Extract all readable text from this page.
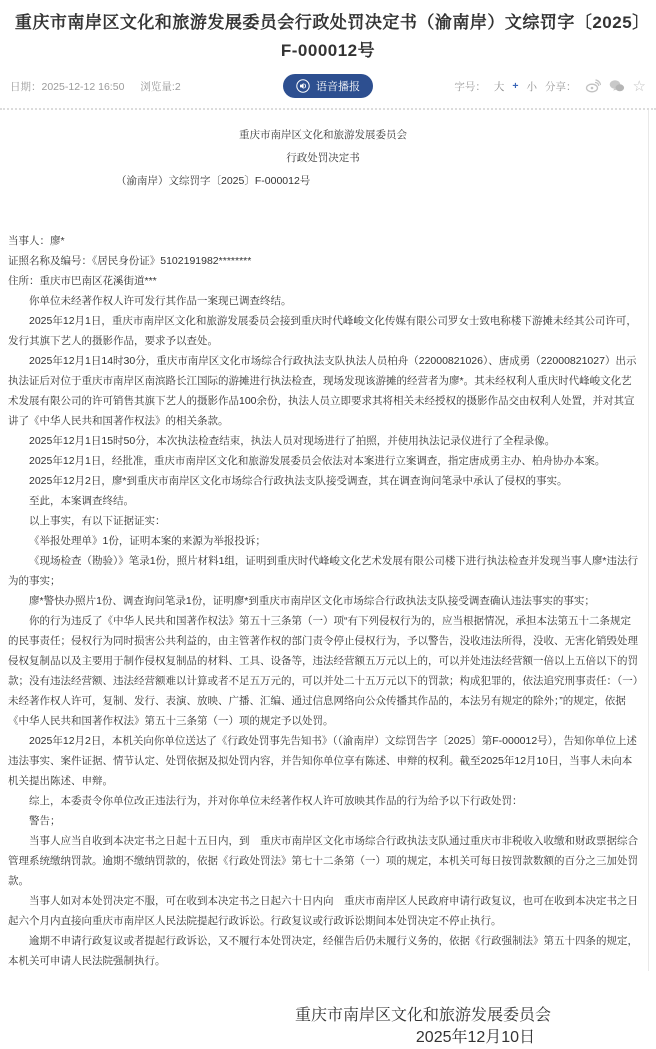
重庆市南岸区文化和旅游发展委员会行政处罚决定书（渝南岸）文综罚字〔2025〕F-000012号
日期：2025-12-12 16:50 浏览量:2	语音播报	字号： 大 + 小 分享：	☆

重庆市南岸区文化和旅游发展委员会

行政处罚决定书

（渝南岸）文综罚字〔2025〕F-000012号

当事人：廖*

证照名称及编号：《居民身份证》5102191982********

住所：重庆市巴南区花溪街道***

你单位未经著作权人许可发行其作品一案现已调查终结。

2025年12月1日，重庆市南岸区文化和旅游发展委员会接到重庆时代峰峻文化传媒有限公司罗女士致电称楼下游摊未经其公司许可，发行其旗下艺人的摄影作品，要求予以查处。

2025年12月1日14时30分，重庆市南岸区文化市场综合行政执法支队执法人员柏舟（22000821026）、唐成勇（22000821027）出示执法证后对位于重庆市南岸区南滨路长江国际的游摊进行执法检查，现场发现该游摊的经营者为廖*。其未经权利人重庆时代峰峻文化艺术发展有限公司的许可销售其旗下艺人的摄影作品100余份，执法人员立即要求其将相关未经授权的摄影作品交由权利人处置，并对其宣讲了《中华人民共和国著作权法》的相关条款。

2025年12月1日15时50分，本次执法检查结束，执法人员对现场进行了拍照，并使用执法记录仪进行了全程录像。

2025年12月1日，经批准，重庆市南岸区文化和旅游发展委员会依法对本案进行立案调查，指定唐成勇主办、柏舟协办本案。

2025年12月2日，廖*到重庆市南岸区文化市场综合行政执法支队接受调查，其在调查询问笔录中承认了侵权的事实。

至此，本案调查终结。

以上事实，有以下证据证实：

《举报处理单》1份，证明本案的来源为举报投诉；

《现场检查（勘验）》笔录1份，照片材料1组，证明到重庆时代峰峻文化艺术发展有限公司楼下进行执法检查并发现当事人廖*违法行为的事实；

廖*警快办照片1份、调查询问笔录1份，证明廖*到重庆市南岸区文化市场综合行政执法支队接受调查确认违法事实的事实；

你的行为违反了《中华人民共和国著作权法》第五十三条第（一）项“有下列侵权行为的，应当根据情况，承担本法第五十二条规定的民事责任；侵权行为同时损害公共利益的，由主管著作权的部门责令停止侵权行为，予以警告，没收违法所得，没收、无害化销毁处理侵权复制品以及主要用于制作侵权复制品的材料、工具、设备等，违法经营额五万元以上的，可以并处违法经营额一倍以上五倍以下的罚款；没有违法经营额、违法经营额难以计算或者不足五万元的，可以并处二十五万元以下的罚款；构成犯罪的，依法追究刑事责任：（一）未经著作权人许可，复制、发行、表演、放映、广播、汇编、通过信息网络向公众传播其作品的，本法另有规定的除外；”的规定，依据《中华人民共和国著作权法》第五十三条第（一）项的规定予以处罚。

2025年12月2日，本机关向你单位送达了《行政处罚事先告知书》（（渝南岸）文综罚告字〔2025〕第F-000012号），告知你单位上述违法事实、案件证据、情节认定、处罚依据及拟处罚内容，并告知你单位享有陈述、申辩的权利。截至2025年12月10日，当事人未向本机关提出陈述、申辩。

综上，本委责令你单位改正违法行为，并对你单位未经著作权人许可放映其作品的行为给予以下行政处罚：

警告；

当事人应当自收到本决定书之日起十五日内，到　重庆市南岸区文化市场综合行政执法支队通过重庆市非税收入收缴和财政票据综合管理系统缴纳罚款。逾期不缴纳罚款的，依据《行政处罚法》第七十二条第（一）项的规定，本机关可每日按罚款数额的百分之三加处罚款。

当事人如对本处罚决定不服，可在收到本决定书之日起六十日内向　重庆市南岸区人民政府申请行政复议，也可在收到本决定书之日起六个月内直接向重庆市南岸区人民法院提起行政诉讼。行政复议或行政诉讼期间本处罚决定不停止执行。

逾期不申请行政复议或者提起行政诉讼，又不履行本处罚决定，经催告后仍未履行义务的，依据《行政强制法》第五十四条的规定，本机关可申请人民法院强制执行。

重庆市南岸区文化和旅游发展委员会

2025年12月10日
